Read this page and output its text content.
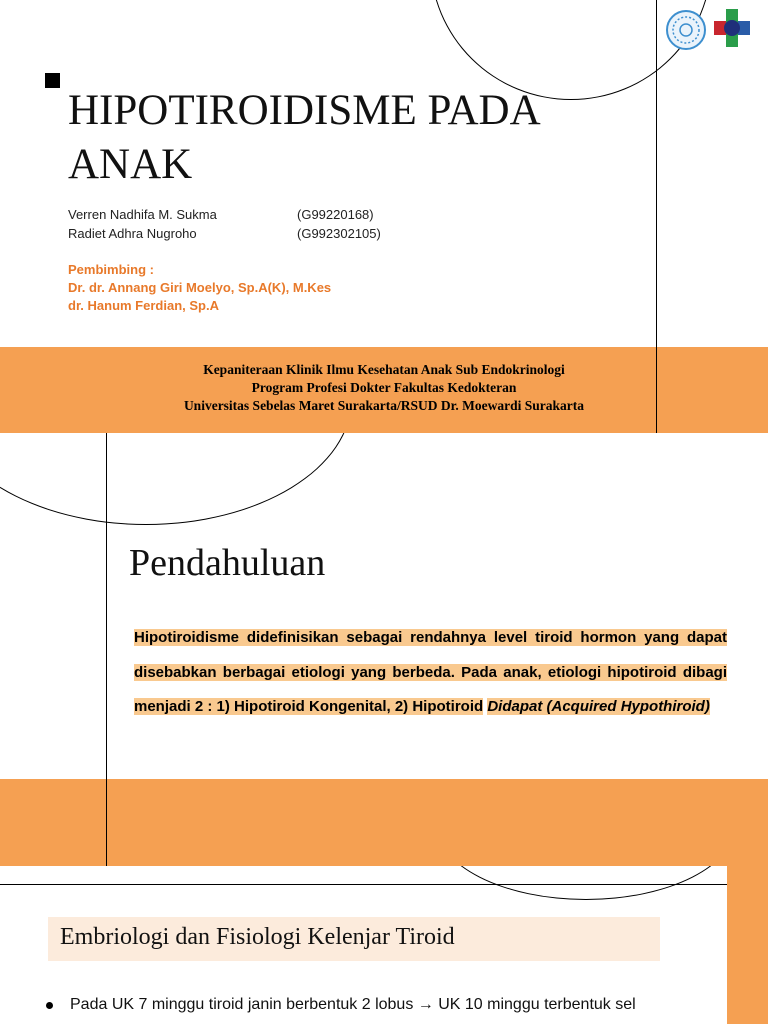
HIPOTIROIDISME PADA ANAK
Verren Nadhifa M. Sukma	(G99220168)
Radiet Adhra Nugroho	(G992302105)
Pembimbing :
Dr. dr. Annang Giri Moelyo, Sp.A(K), M.Kes
dr. Hanum Ferdian, Sp.A
Kepaniteraan Klinik Ilmu Kesehatan Anak Sub Endokrinologi
Program Profesi Dokter Fakultas Kedokteran
Universitas Sebelas Maret Surakarta/RSUD Dr. Moewardi Surakarta
Pendahuluan
Hipotiroidisme didefinisikan sebagai rendahnya level tiroid hormon yang dapat disebabkan berbagai etiologi yang berbeda. Pada anak, etiologi hipotiroid dibagi menjadi 2 : 1) Hipotiroid Kongenital, 2) Hipotiroid Didapat (Acquired Hypothiroid)
Embriologi dan Fisiologi Kelenjar Tiroid
Pada UK 7 minggu tiroid janin berbentuk 2 lobus → UK 10 minggu terbentuk sel
